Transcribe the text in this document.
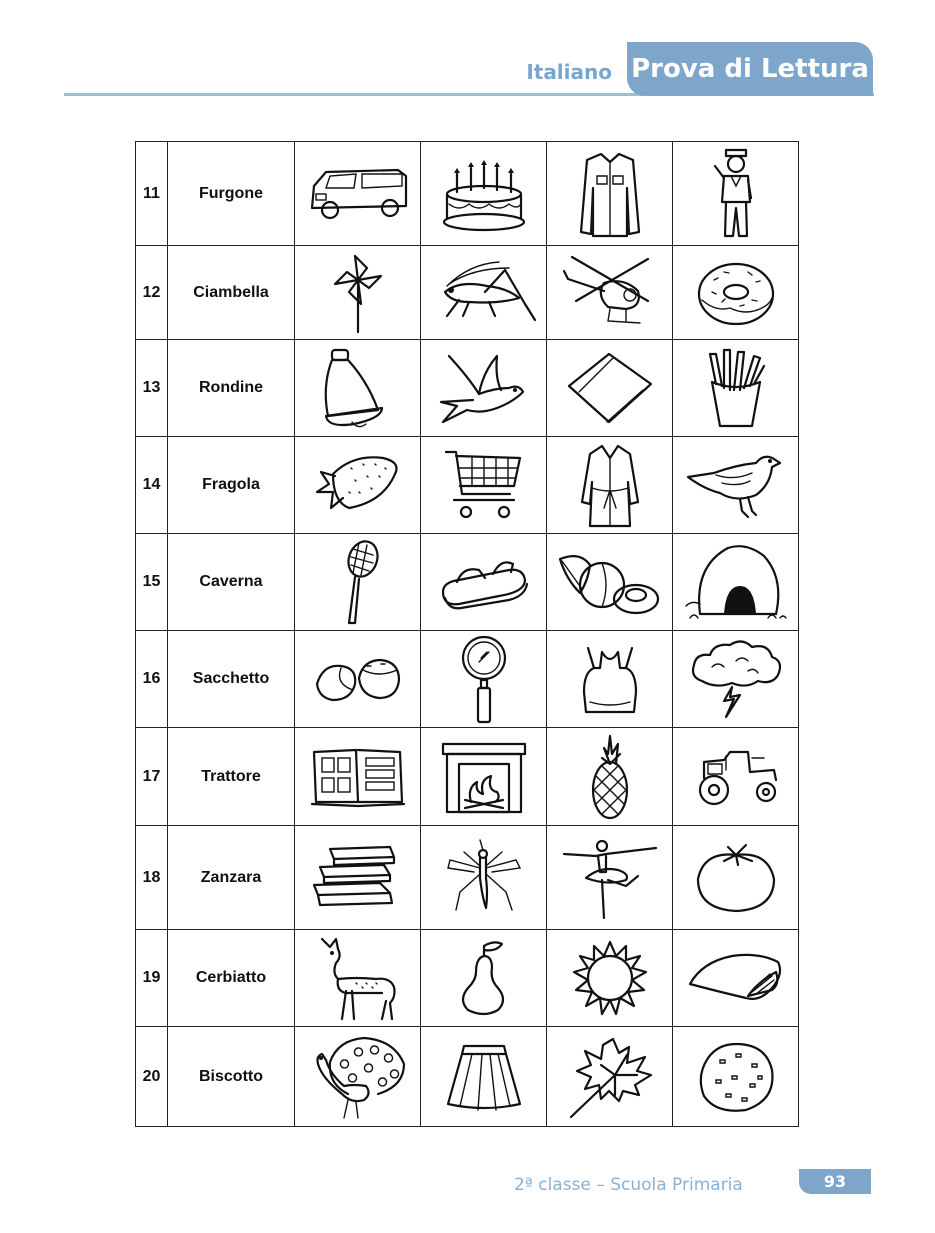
Italiano Prova di Lettura
11	Furgone	

12	Ciambella	

13	Rondine	

14	Fragola	

15	Caverna	

16	Sacchetto	

17	Trattore	

18	Zanzara	

19	Cerbiatto	

20	Biscotto	

2ª classe – Scuola Primaria	93
